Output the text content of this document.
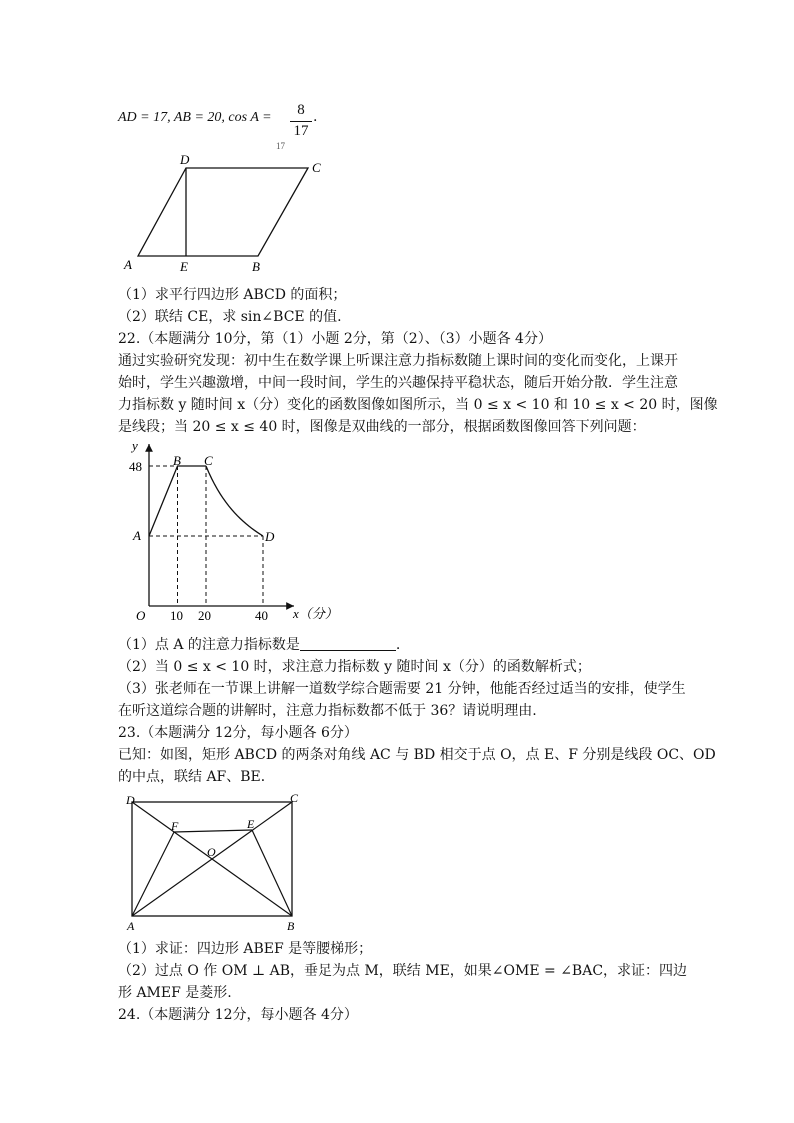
AD = 17, AB = 20, cos A =	8
17
.
17
D
C
A	E	B
（1）求平行四边形 ABCD 的面积；
（2）联结 CE，求 sin∠BCE 的值.
22.（本题满分 10分，第（1）小题 2分，第（2）、（3）小题各 4分）
通过实验研究发现：初中生在数学课上听课注意力指标数随上课时间的变化而变化，上课开
始时，学生兴趣激增，中间一段时间，学生的兴趣保持平稳状态，随后开始分散．学生注意
力指标数 y 随时间 x（分）变化的函数图像如图所示，当 0 ≤ x < 10 和 10 ≤ x < 20 时，图像
是线段；当 20 ≤ x ≤ 40 时，图像是双曲线的一部分，根据函数图像回答下列问题：
y
x（分）
O
48
A
10 20	40
B C
D
（1）点 A 的注意力指标数是	.
（2）当 0 ≤ x < 10 时，求注意力指标数 y 随时间 x（分）的函数解析式；
（3）张老师在一节课上讲解一道数学综合题需要 21 分钟，他能否经过适当的安排，使学生
在听这道综合题的讲解时，注意力指标数都不低于 36？请说明理由.
23.（本题满分 12分，每小题各 6分）
已知：如图，矩形 ABCD 的两条对角线 AC 与 BD 相交于点 O，点 E、F 分别是线段 OC、OD
的中点，联结 AF、BE．
D	C
F	E
O
A	B
（1）求证：四边形 ABEF 是等腰梯形；
（2）过点 O 作 OM ⊥ AB，垂足为点 M，联结 ME，如果∠OME = ∠BAC，求证：四边
形 AMEF 是菱形.
24.（本题满分 12分，每小题各 4分）
